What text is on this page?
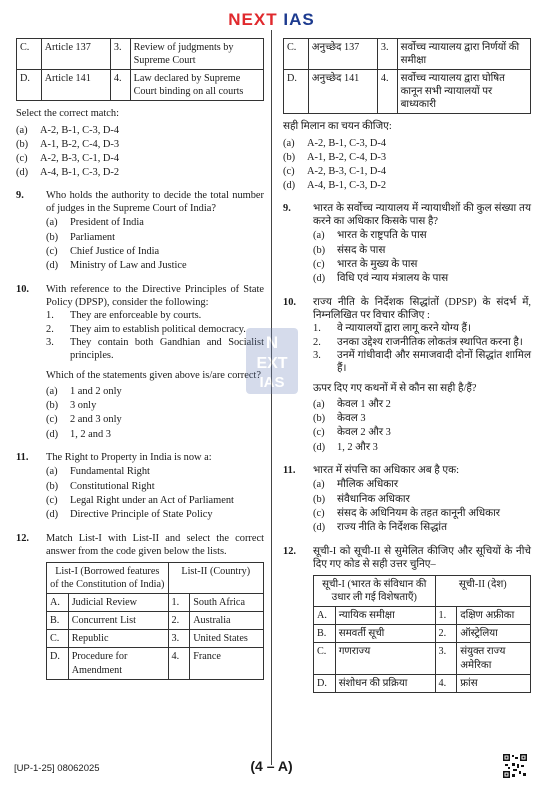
NEXT IAS
C.	Article 137	3.	Review of judgments by Supreme Court
D.	Article 141	4.	Law declared by Supreme Court binding on all courts
Select the correct match:
(a)	A-2, B-1, C-3, D-4
(b)	A-1, B-2, C-4, D-3
(c)	A-2, B-3, C-1, D-4
(d)	A-4, B-1, C-3, D-2
9.	Who holds the authority to decide the total number of judges in the Supreme Court of India?
(a)	President of India
(b)	Parliament
(c)	Chief Justice of India
(d)	Ministry of Law and Justice
10.	With reference to the Directive Principles of State Policy (DPSP), consider the following:
1.	They are enforceable by courts.
2.	They aim to establish political democracy.
3.	They contain both Gandhian and Socialist principles.
Which of the statements given above is/are correct?
(a)	1 and 2 only
(b)	3 only
(c)	2 and 3 only
(d)	1, 2 and 3
11.	The Right to Property in India is now a:
(a)	Fundamental Right
(b)	Constitutional Right
(c)	Legal Right under an Act of Parliament
(d)	Directive Principle of State Policy
12.	Match List-I with List-II and select the correct answer from the code given below the lists.
List-I (Borrowed features of the Constitution of India)		List-II (Country)	
A.	Judicial Review	1.	South Africa
B.	Concurrent List	2.	Australia
C.	Republic	3.	United States
D.	Procedure for Amendment	4.	France
C.	अनुच्छेद 137	3.	सर्वोच्च न्यायालय द्वारा निर्णयों की समीक्षा
D.	अनुच्छेद 141	4.	सर्वोच्च न्यायालय द्वारा घोषित कानून सभी न्यायालयों पर बाध्यकारी
सही मिलान का चयन कीजिए:
(a)	A-2, B-1, C-3, D-4
(b)	A-1, B-2, C-4, D-3
(c)	A-2, B-3, C-1, D-4
(d)	A-4, B-1, C-3, D-2
9.	भारत के सर्वोच्च न्यायालय में न्यायाधीशों की कुल संख्या तय करने का अधिकार किसके पास है?
(a)	भारत के राष्ट्रपति के पास
(b)	संसद के पास
(c)	भारत के मुख्य के पास
(d)	विधि एवं न्याय मंत्रालय के पास
10.	राज्य नीति के निर्देशक सिद्धांतों (DPSP) के संदर्भ में, निम्नलिखित पर विचार कीजिए :
1.	वे न्यायालयों द्वारा लागू करने योग्य हैं।
2.	उनका उद्देश्य राजनीतिक लोकतंत्र स्थापित करना है।
3.	उनमें गांधीवादी और समाजवादी दोनों सिद्धांत शामिल हैं।
ऊपर दिए गए कथनों में से कौन सा सही है/हैं?
(a)	केवल 1 और 2
(b)	केवल 3
(c)	केवल 2 और 3
(d)	1, 2 और 3
11.	भारत में संपत्ति का अधिकार अब है एक:
(a)	मौलिक अधिकार
(b)	संवैधानिक अधिकार
(c)	संसद के अधिनियम के तहत कानूनी अधिकार
(d)	राज्य नीति के निर्देशक सिद्धांत
12.	सूची-I को सूची-II से सुमेलित कीजिए और सूचियों के नीचे दिए गए कोड से सही उत्तर चुनिए–
सूची-I (भारत के संविधान की उधार ली गई विशेषताएँ)		सूची-II (देश)	
A.	न्यायिक समीक्षा	1.	दक्षिण अफ्रीका
B.	समवर्ती सूची	2.	ऑस्ट्रेलिया
C.	गणराज्य	3.	संयुक्त राज्य अमेरिका
D.	संशोधन की प्रक्रिया	4.	फ्रांस
N
EXT
IAS
[UP-1-25] 08062025	(4 – A)
